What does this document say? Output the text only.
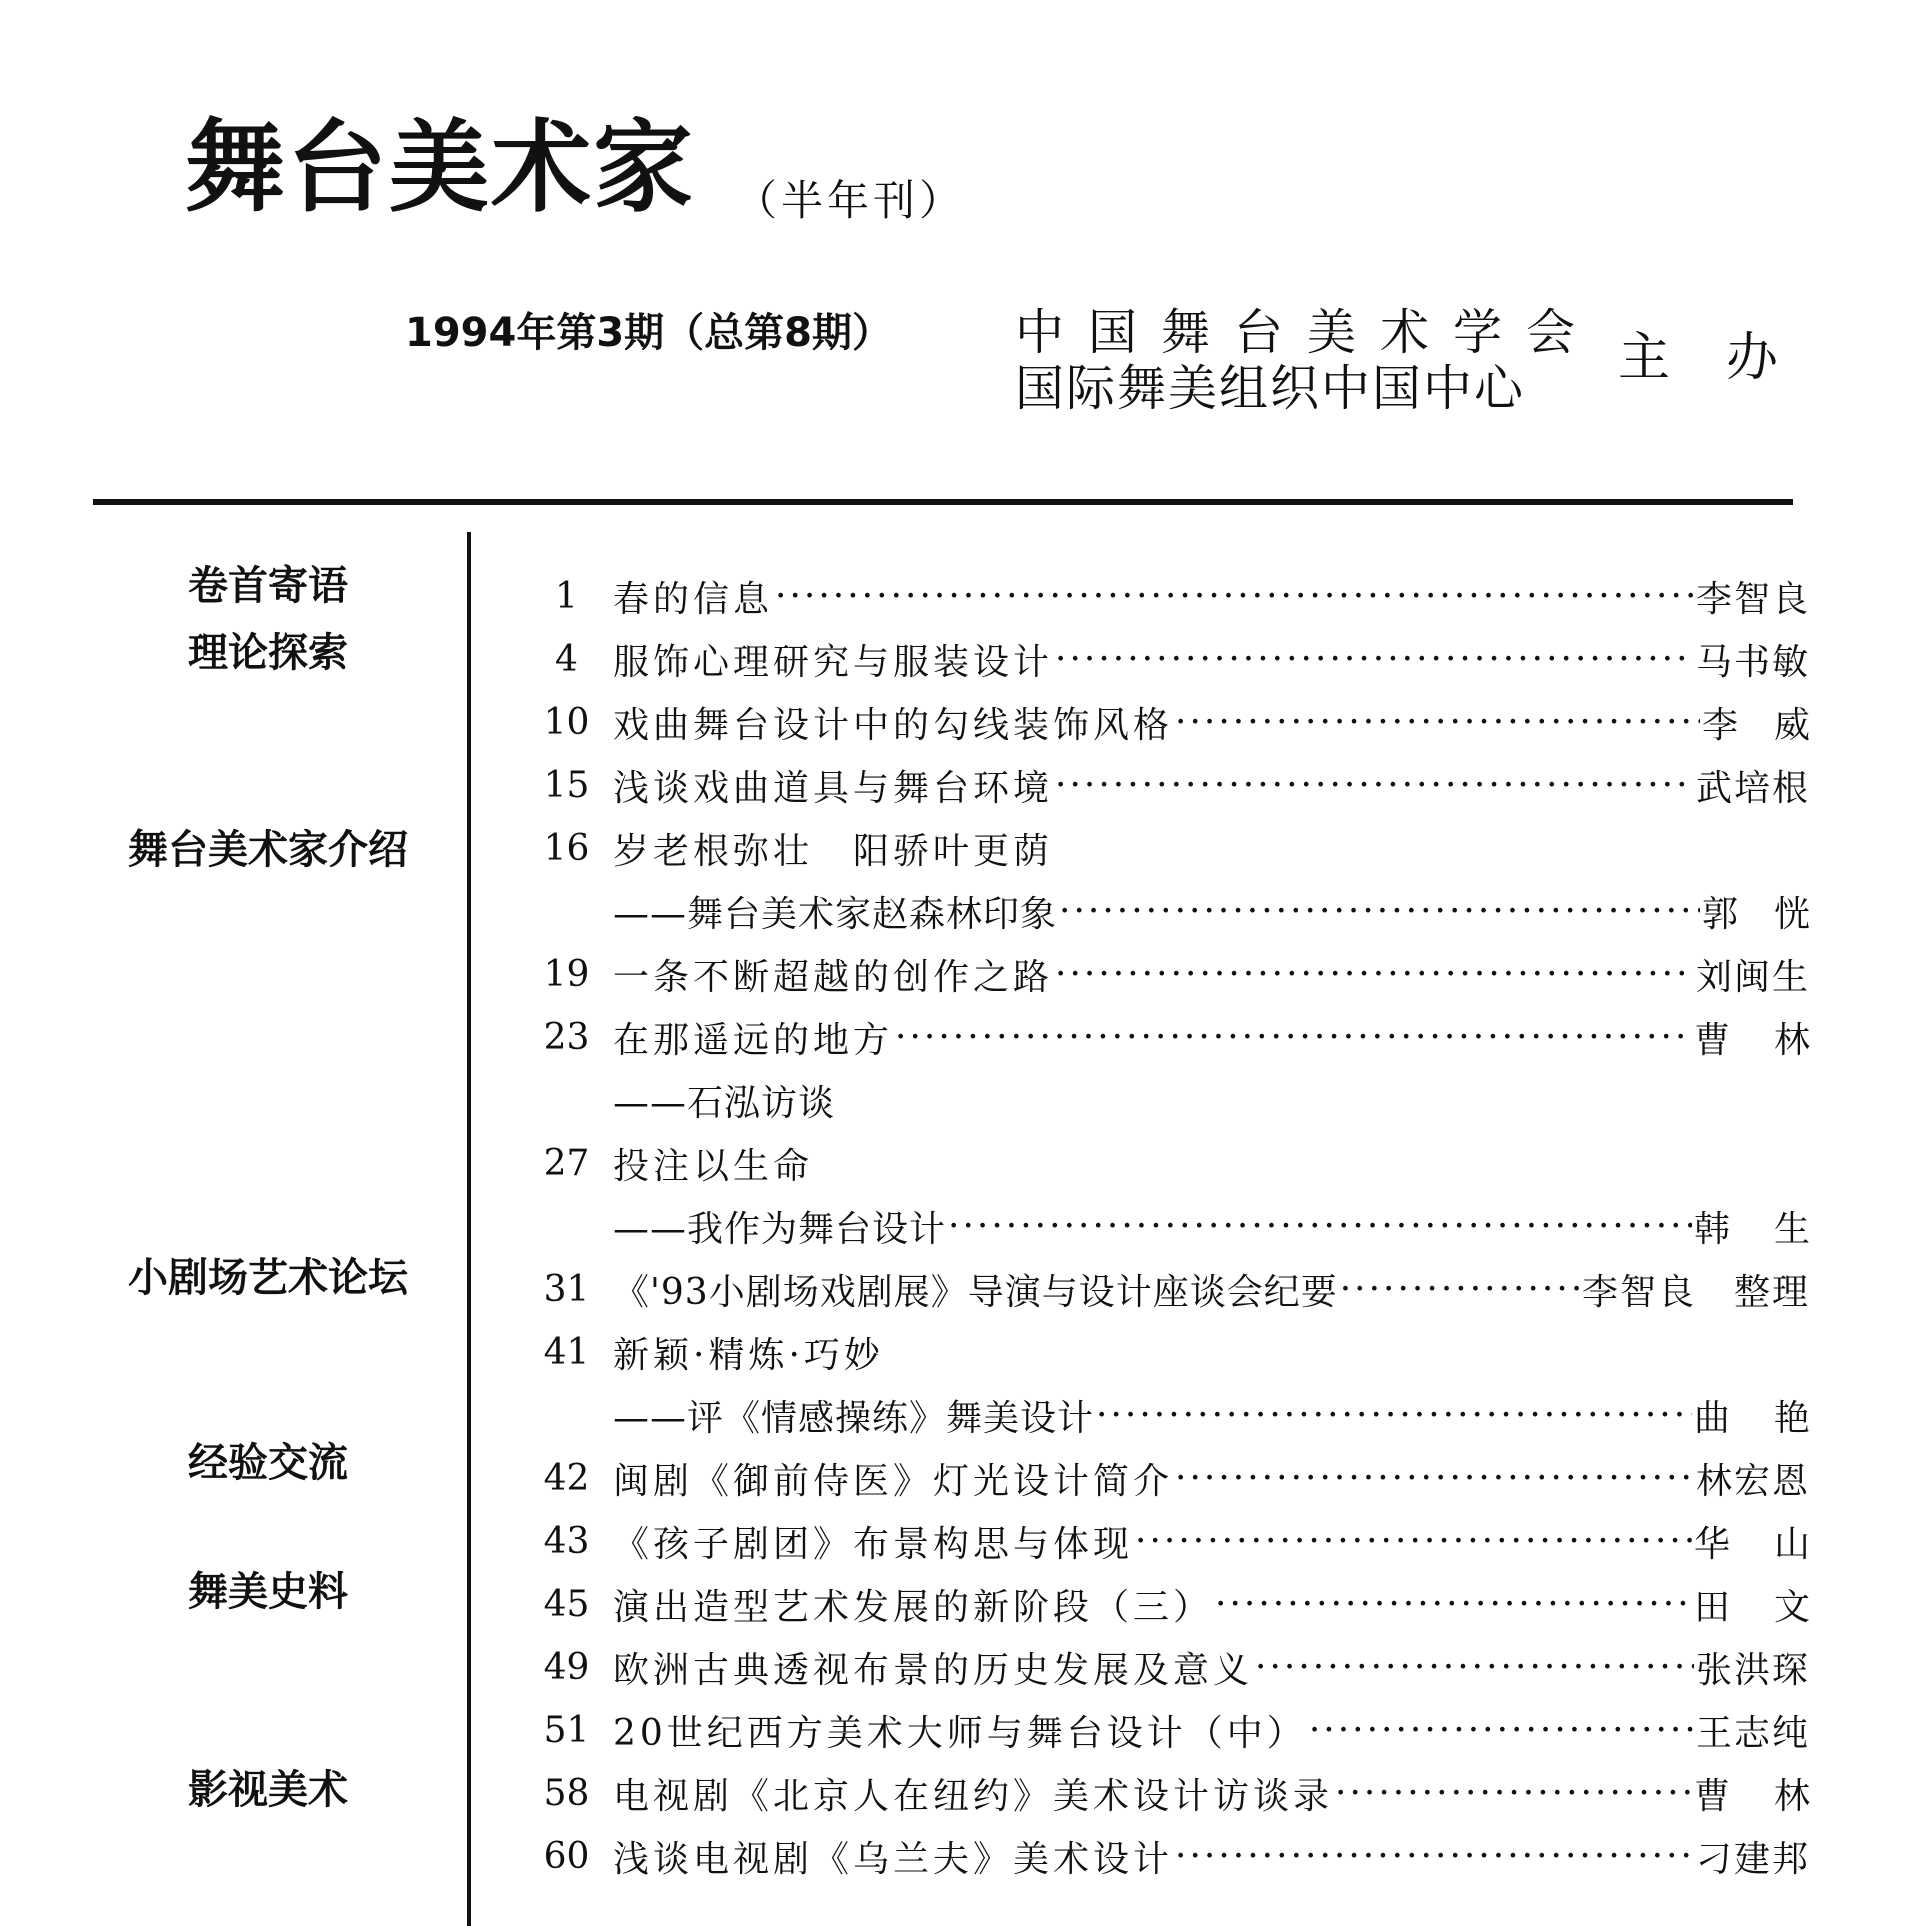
舞台美术家 （半年刊）
1994年第3期（总第8期）	中国舞台美术学会
国际舞美组织中国中心
主办
卷首寄语
理论探索
舞台美术家介绍
小剧场艺术论坛
经验交流
舞美史料
影视美术
1 春的信息 ·····	李智良
4 服饰心理研究与服装设计 ·····	马书敏
10 戏曲舞台设计中的勾线装饰风格 ·····	李威
15 浅谈戏曲道具与舞台环境 ·····	武培根
16 岁老根弥壮　阳骄叶更荫
——舞台美术家赵森林印象 ·····	郭恍
19 一条不断超越的创作之路 ·····	刘闽生
23 在那遥远的地方 ·····	曹林
——石泓访谈
27 投注以生命
——我作为舞台设计 ·····	韩生
31 《'93小剧场戏剧展》导演与设计座谈会纪要 ·····	李智良　整理
41 新颖·精炼·巧妙
——评《情感操练》舞美设计 ·····	曲艳
42 闽剧《御前侍医》灯光设计简介 ·····	林宏恩
43 《孩子剧团》布景构思与体现 ·····	华山
45 演出造型艺术发展的新阶段（三） ·····	田文
49 欧洲古典透视布景的历史发展及意义 ·····	张洪琛
51 20世纪西方美术大师与舞台设计（中） ·····	王志纯
58 电视剧《北京人在纽约》美术设计访谈录 ·····	曹林
60 浅谈电视剧《乌兰夫》美术设计 ·····	刁建邦
